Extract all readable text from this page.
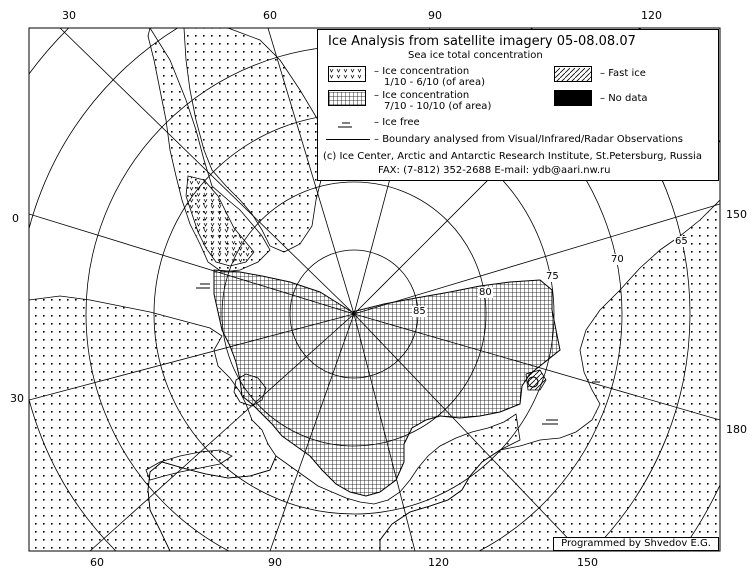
30	60	90	120
60	90	120	150
0
30
150
180
65
70
75
80
85
Ice Analysis from satellite imagery 05-08.08.07
Sea ice total concentration
– Ice concentration
1/10 - 6/10 (of area)
– Ice concentration
7/10 - 10/10 (of area)
– Ice free
– Boundary analysed from Visual/Infrared/Radar Observations
– Fast ice
– No data
(c) Ice Center, Arctic and Antarctic Research Institute, St.Petersburg, Russia
FAX: (7-812) 352-2688 E-mail: ydb@aari.nw.ru
Programmed by Shvedov E.G.
